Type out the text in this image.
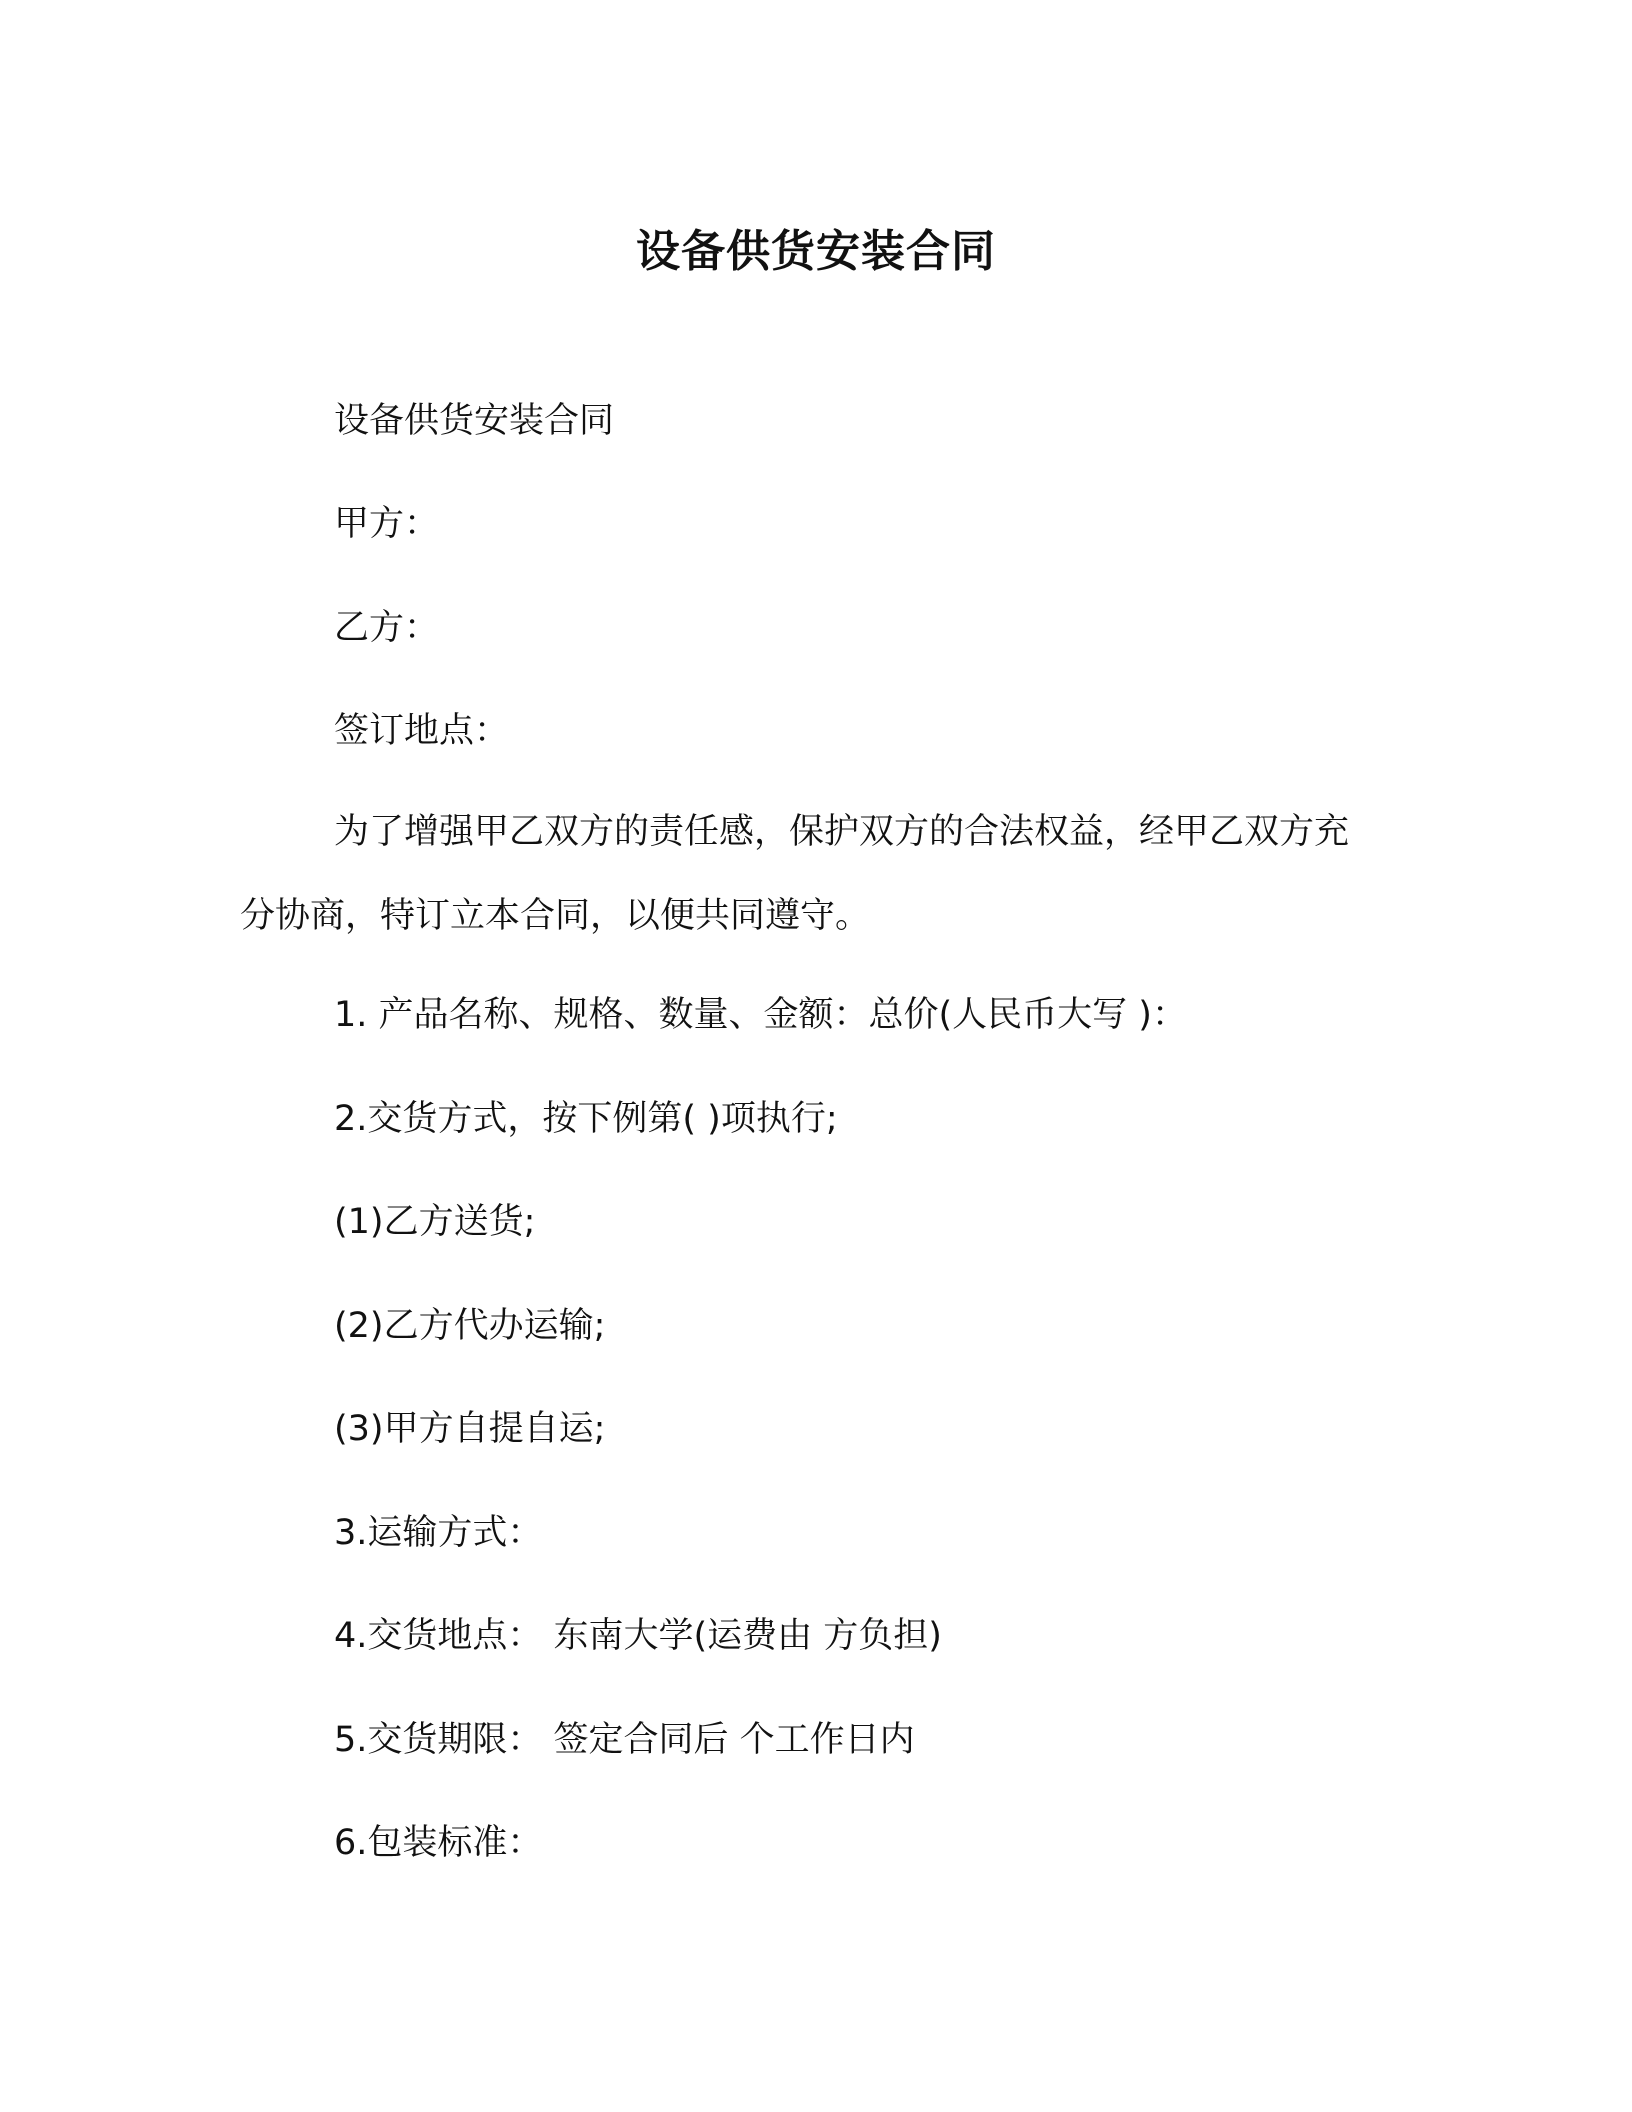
设备供货安装合同
设备供货安装合同
甲方：
乙方：
签订地点：
为了增强甲乙双方的责任感，保护双方的合法权益，经甲乙双方充分协商，特订立本合同，以便共同遵守。
1. 产品名称、规格、数量、金额：总价(人民币大写 )：
2.交货方式，按下例第( )项执行;
(1)乙方送货;
(2)乙方代办运输;
(3)甲方自提自运;
3.运输方式：
4.交货地点： 东南大学(运费由 方负担)
5.交货期限： 签定合同后 个工作日内
6.包装标准：
